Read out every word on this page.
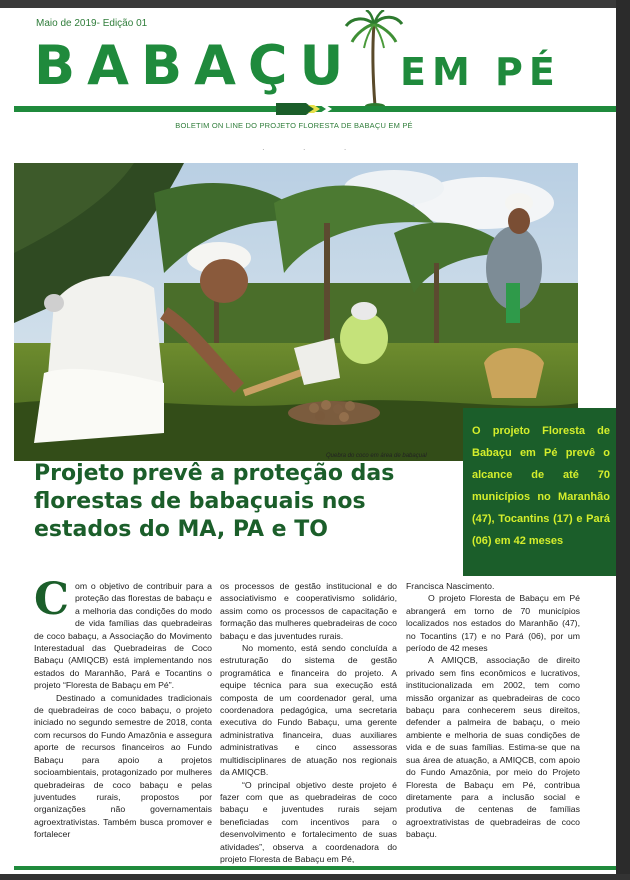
Maio de 2019- Edição 01
BABAÇU EM PÉ
BOLETIM ON LINE DO PROJETO FLORESTA DE BABAÇU EM PÉ
· · ·
Quebra do coco em área de babaçual
O projeto Floresta de Babaçu em Pé prevê o alcance de até 70 municípios no Maranhão (47), Tocantins (17) e Pará (06) em 42 meses
Projeto prevê a proteção das florestas de babaçuais nos estados do MA, PA e TO

Com o objetivo de contribuir para a proteção das florestas de babaçu e a melhoria das condições do modo de vida famílias das quebradeiras de coco babaçu, a Associação do Movimento Interestadual das Quebradeiras de Coco Babaçu (AMIQCB) está implementando nos estados do Maranhão, Pará e Tocantins o projeto “Floresta de Babaçu em Pé”.

Destinado a comunidades tradicionais de quebradeiras de coco babaçu, o projeto iniciado no segundo semestre de 2018, conta com recursos do Fundo Amazônia e assegura aporte de recursos financeiros ao Fundo Babaçu para apoio a projetos socioambientais, protagonizado por mulheres quebradeiras de coco babaçu e pelas juventudes rurais, propostos por organizações não governamentais agroextrativistas. Também busca promover e fortalecer

os processos de gestão institucional e do associativismo e cooperativismo solidário, assim como os processos de capacitação e formação das mulheres quebradeiras de coco babaçu e das juventudes rurais.

No momento, está sendo concluída a estruturação do sistema de gestão programática e financeira do projeto. A equipe técnica para sua execução está composta de um coordenador geral, uma coordenadora pedagógica, uma secretaria executiva do Fundo Babaçu, uma gerente administrativa financeira, duas auxiliares administrativas e cinco assessoras multidisciplinares de atuação nos regionais da AMIQCB.

“O principal objetivo deste projeto é fazer com que as quebradeiras de coco babaçu e juventudes rurais sejam beneficiadas com incentivos para o desenvolvimento e fortalecimento de suas atividades”, observa a coordenadora do projeto Floresta de Babaçu em Pé,

Francisca Nascimento.

O projeto Floresta de Babaçu em Pé abrangerá em torno de 70 municípios localizados nos estados do Maranhão (47), no Tocantins (17) e no Pará (06), por um período de 42 meses

A AMIQCB, associação de direito privado sem fins econômicos e lucrativos, institucionalizada em 2002, tem como missão organizar as quebradeiras de coco babaçu para conhecerem seus direitos, defender a palmeira de babaçu, o meio ambiente e melhoria de suas condições de vida e de suas famílias. Estima-se que na sua área de atuação, a AMIQCB, com apoio do Fundo Amazônia, por meio do Projeto Floresta de Babaçu em Pé, contribua diretamente para a inclusão social e produtiva de centenas de famílias agroextrativistas de quebradeiras de coco babaçu.
